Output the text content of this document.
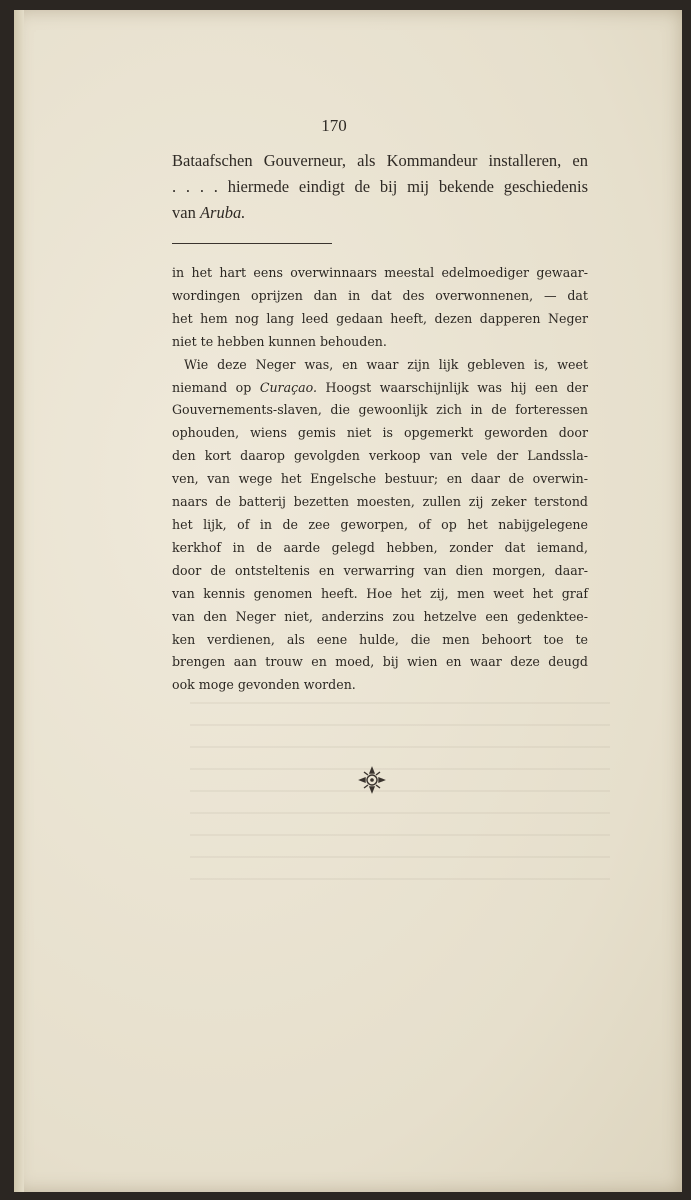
170
Bataafschen Gouverneur, als Kommandeur installeren, en
. . . . hiermede eindigt de bij mij bekende geschiedenis
van Aruba.
in het hart eens overwinnaars meestal edelmoediger gewaar-
wordingen oprijzen dan in dat des overwonnenen, — dat
het hem nog lang leed gedaan heeft, dezen dapperen Neger
niet te hebben kunnen behouden.
Wie deze Neger was, en waar zijn lijk gebleven is, weet
niemand op Curaçao. Hoogst waarschijnlijk was hij een der
Gouvernements-slaven, die gewoonlijk zich in de forteressen
ophouden, wiens gemis niet is opgemerkt geworden door
den kort daarop gevolgden verkoop van vele der Landssla-
ven, van wege het Engelsche bestuur; en daar de overwin-
naars de batterij bezetten moesten, zullen zij zeker terstond
het lijk, of in de zee geworpen, of op het nabijgelegene
kerkhof in de aarde gelegd hebben, zonder dat iemand,
door de ontsteltenis en verwarring van dien morgen, daar-
van kennis genomen heeft. Hoe het zij, men weet het graf
van den Neger niet, anderzins zou hetzelve een gedenktee-
ken verdienen, als eene hulde, die men behoort toe te
brengen aan trouw en moed, bij wien en waar deze deugd
ook moge gevonden worden.
